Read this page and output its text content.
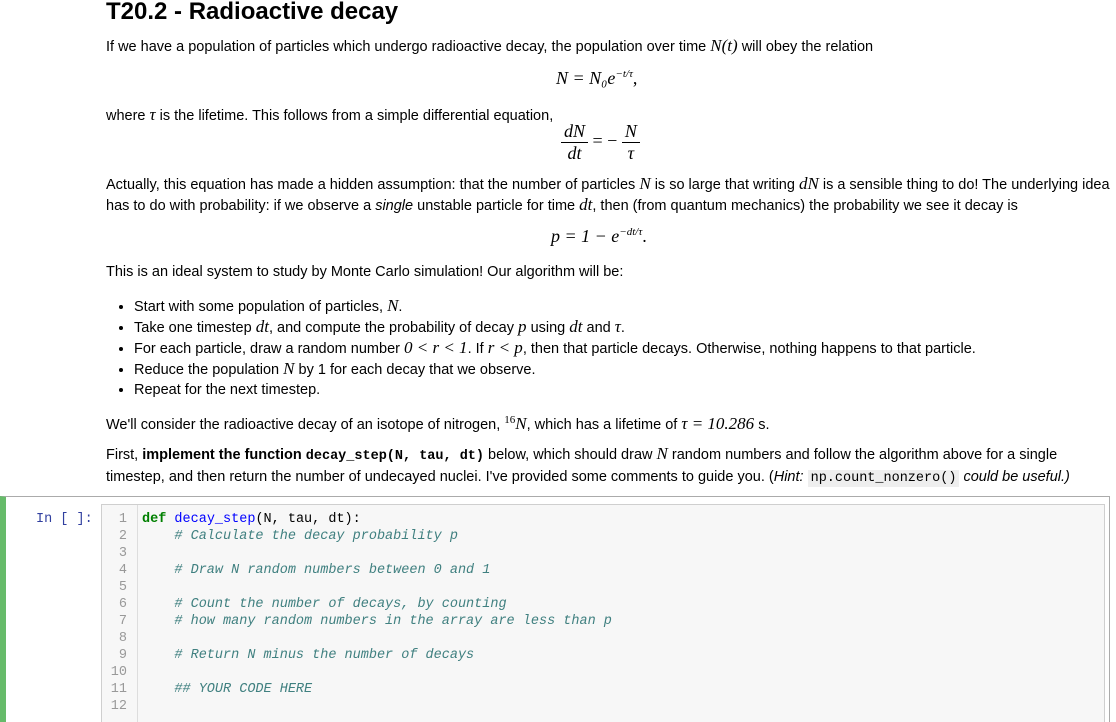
T20.2 - Radioactive decay
If we have a population of particles which undergo radioactive decay, the population over time N(t) will obey the relation
$N = N_0e^{-t/\tau}$,
where τ is the lifetime. This follows from a simple differential equation,
$\frac{dN}{dt}$ = − $\frac{N}{\tau}$
Actually, this equation has made a hidden assumption: that the number of particles N is so large that writing dN is a sensible thing to do! The underlying idea
has to do with probability: if we observe a single unstable particle for time dt, then (from quantum mechanics) the probability we see it decay is
$p = 1 - e^{-dt/\tau}$.
This is an ideal system to study by Monte Carlo simulation! Our algorithm will be:
• Start with some population of particles, N.
• Take one timestep dt, and compute the probability of decay p using dt and τ.
• For each particle, draw a random number 0 < r < 1. If r < p, then that particle decays. Otherwise, nothing happens to that particle.
• Reduce the population N by 1 for each decay that we observe.
• Repeat for the next timestep.
We'll consider the radioactive decay of an isotope of nitrogen, $^{16}$N, which has a lifetime of τ = 10.286 s.
First, implement the function decay_step(N, tau, dt) below, which should draw N random numbers and follow the algorithm above for a single
timestep, and then return the number of undecayed nuclei. I've provided some comments to guide you. (Hint: np.count_nonzero() could be useful.)
In [ ]:	1 def decay_step(N, tau, dt):
2	# Calculate the decay probability p
3
4	# Draw N random numbers between 0 and 1
5
6	# Count the number of decays, by counting
7	# how many random numbers in the array are less than p
8
9	# Return N minus the number of decays
10
11	## YOUR CODE HERE
12
